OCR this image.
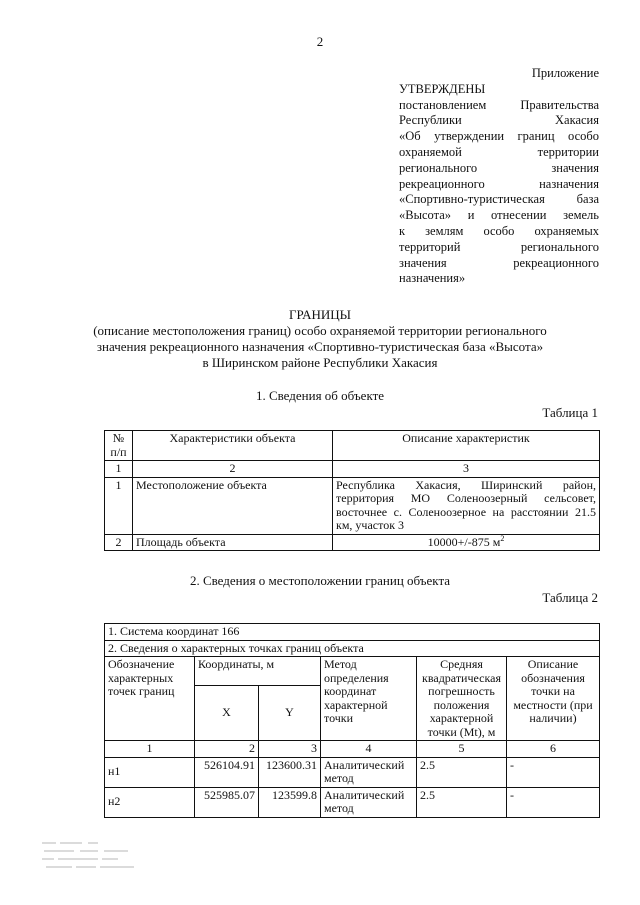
2
Приложение
УТВЕРЖДЕНЫ
постановлением Правительства
Республики Хакасия
«Об утверждении границ особо
охраняемой территории
регионального значения
рекреационного назначения
«Спортивно-туристическая база
«Высота» и отнесении земель
к землям особо охраняемых
территорий регионального
значения рекреационного
назначения»
ГРАНИЦЫ
(описание местоположения границ) особо охраняемой территории регионального
значения рекреационного назначения «Спортивно-туристическая база «Высота»
в Ширинском районе Республики Хакасия
1. Сведения об объекте
Таблица 1
№ п/п	Характеристики объекта	Описание характеристик
1	2	3
1	Местоположение объекта	Республика Хакасия, Ширинский район,
территория МО Соленоозерный сельсовет,
восточнее с. Соленоозерное на расстоянии 21.5
км, участок 3

2	Площадь объекта	10000+/-875 $м^2$
2. Сведения о местоположении границ объекта
Таблица 2
1. Система координат 166					
2. Сведения о характерных точках границ объекта					
Обозначение характерных точек границ	Координаты, м		Метод определения координат характерной точки	Средняя квадратическая погрешность положения характерной точки (Mt), м	Описание обозначения точки на местности (при наличии)
	X	Y			
1	2	3	4	5	6
н1	526104.91	123600.31	Аналитический метод	2.5	-
н2	525985.07	123599.8	Аналитический метод	2.5	-
